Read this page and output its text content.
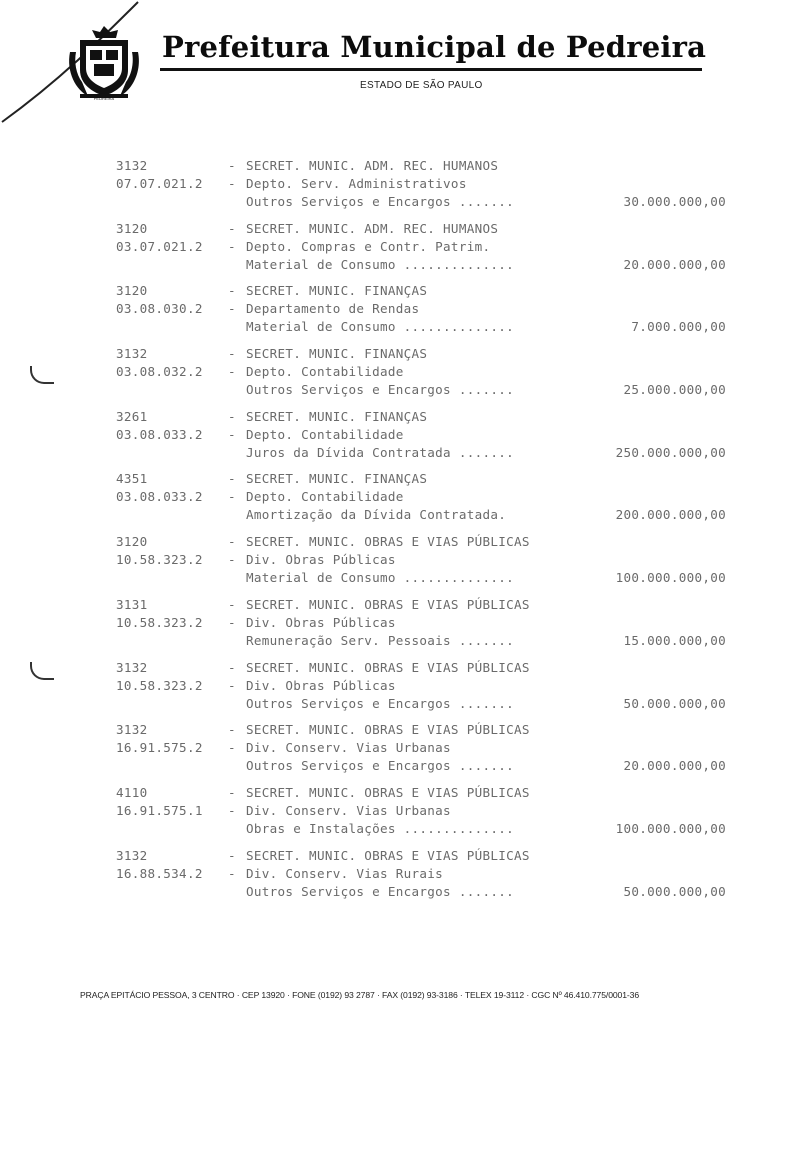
PEDREIRA
Prefeitura Municipal de Pedreira
ESTADO DE SÃO PAULO
3132	- SECRET. MUNIC. ADM. REC. HUMANOS
07.07.021.2 - Depto. Serv. Administrativos
Outros Serviços e Encargos .......	30.000.000,00
3120	- SECRET. MUNIC. ADM. REC. HUMANOS
03.07.021.2 - Depto. Compras e Contr. Patrim.
Material de Consumo ..............	20.000.000,00
3120	- SECRET. MUNIC. FINANÇAS
03.08.030.2 - Departamento de Rendas
Material de Consumo ..............	7.000.000,00
3132	- SECRET. MUNIC. FINANÇAS
03.08.032.2 - Depto. Contabilidade
Outros Serviços e Encargos .......	25.000.000,00
3261	- SECRET. MUNIC. FINANÇAS
03.08.033.2 - Depto. Contabilidade
Juros da Dívida Contratada .......	250.000.000,00
4351	- SECRET. MUNIC. FINANÇAS
03.08.033.2 - Depto. Contabilidade
Amortização da Dívida Contratada.	200.000.000,00
3120	- SECRET. MUNIC. OBRAS E VIAS PÚBLICAS
10.58.323.2 - Div. Obras Públicas
Material de Consumo ..............	100.000.000,00
3131	- SECRET. MUNIC. OBRAS E VIAS PÚBLICAS
10.58.323.2 - Div. Obras Públicas
Remuneração Serv. Pessoais .......	15.000.000,00
3132	- SECRET. MUNIC. OBRAS E VIAS PÚBLICAS
10.58.323.2 - Div. Obras Públicas
Outros Serviços e Encargos .......	50.000.000,00
3132	- SECRET. MUNIC. OBRAS E VIAS PÚBLICAS
16.91.575.2 - Div. Conserv. Vias Urbanas
Outros Serviços e Encargos .......	20.000.000,00
4110	- SECRET. MUNIC. OBRAS E VIAS PÚBLICAS
16.91.575.1 - Div. Conserv. Vias Urbanas
Obras e Instalações ..............	100.000.000,00
3132	- SECRET. MUNIC. OBRAS E VIAS PÚBLICAS
16.88.534.2 - Div. Conserv. Vias Rurais
Outros Serviços e Encargos .......	50.000.000,00
PRAÇA EPITÁCIO PESSOA, 3 CENTRO · CEP 13920 · FONE (0192) 93 2787 · FAX (0192) 93-3186 · TELEX 19-3112 · CGC Nº 46.410.775/0001-36
